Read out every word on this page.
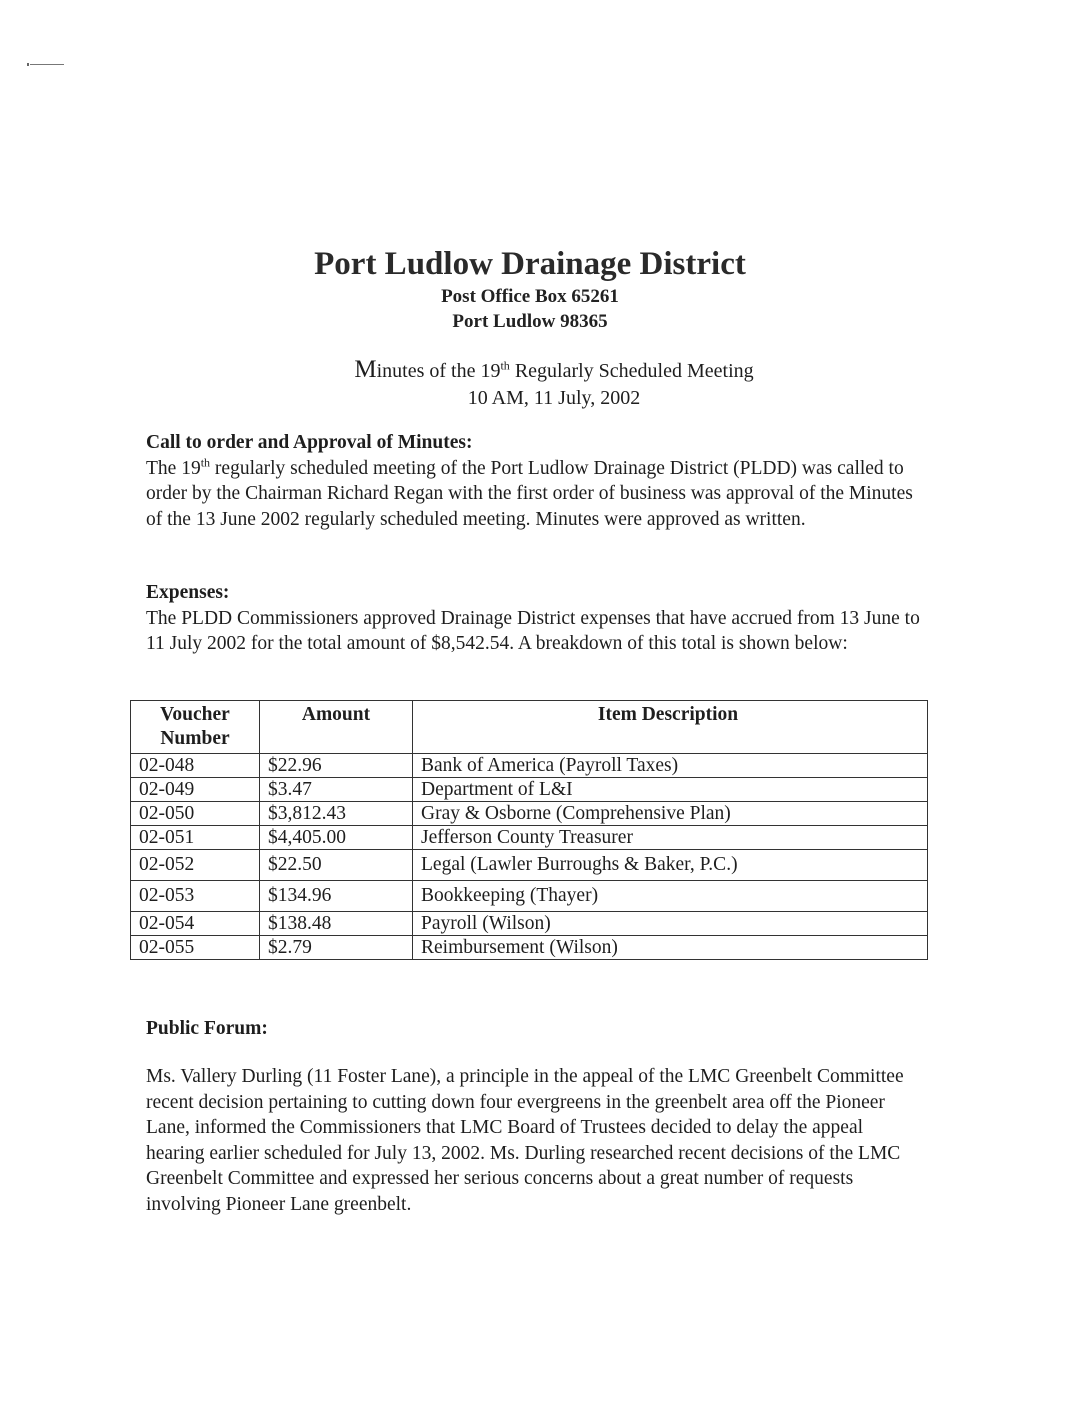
Port Ludlow Drainage District
Post Office Box 65261
Port Ludlow 98365
Minutes of the 19th Regularly Scheduled Meeting
10 AM, 11 July, 2002
Call to order and Approval of Minutes:

The 19th regularly scheduled meeting of the Port Ludlow Drainage District (PLDD) was called to order by the Chairman Richard Regan with the first order of business was approval of the Minutes of the 13 June 2002 regularly scheduled meeting. Minutes were approved as written.

Expenses:

The PLDD Commissioners approved Drainage District expenses that have accrued from 13 June to 11 July 2002 for the total amount of $8,542.54. A breakdown of this total is shown below:

Voucher Number	Amount	Item Description
02-048	$22.96	Bank of America (Payroll Taxes)
02-049	$3.47	Department of L&I
02-050	$3,812.43	Gray & Osborne (Comprehensive Plan)
02-051	$4,405.00	Jefferson County Treasurer
02-052	$22.50	Legal (Lawler Burroughs & Baker, P.C.)
02-053	$134.96	Bookkeeping (Thayer)
02-054	$138.48	Payroll (Wilson)
02-055	$2.79	Reimbursement (Wilson)
Public Forum:

Ms. Vallery Durling (11 Foster Lane), a principle in the appeal of the LMC Greenbelt Committee recent decision pertaining to cutting down four evergreens in the greenbelt area off the Pioneer Lane, informed the Commissioners that LMC Board of Trustees decided to delay the appeal hearing earlier scheduled for July 13, 2002. Ms. Durling researched recent decisions of the LMC Greenbelt Committee and expressed her serious concerns about a great number of requests involving Pioneer Lane greenbelt.
